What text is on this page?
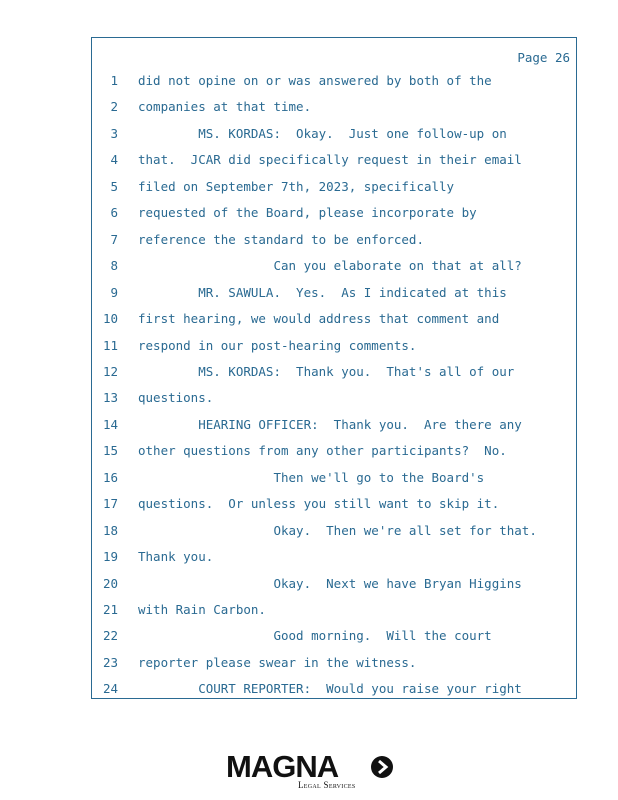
Page 26
1 did not opine on or was answered by both of the
2 companies at that time.
3 MS. KORDAS:  Okay.  Just one follow-up on
4 that.  JCAR did specifically request in their email
5 filed on September 7th, 2023, specifically
6 requested of the Board, please incorporate by
7 reference the standard to be enforced.
8 Can you elaborate on that at all?
9 MR. SAWULA.  Yes.  As I indicated at this
10 first hearing, we would address that comment and
11 respond in our post-hearing comments.
12 MS. KORDAS:  Thank you.  That's all of our
13 questions.
14 HEARING OFFICER:  Thank you.  Are there any
15 other questions from any other participants?  No.
16 Then we'll go to the Board's
17 questions.  Or unless you still want to skip it.
18 Okay.  Then we're all set for that.
19 Thank you.
20 Okay.  Next we have Bryan Higgins
21 with Rain Carbon.
22 Good morning.  Will the court
23 reporter please swear in the witness.
24 COURT REPORTER:  Would you raise your right
MAGNA
Legal Services
